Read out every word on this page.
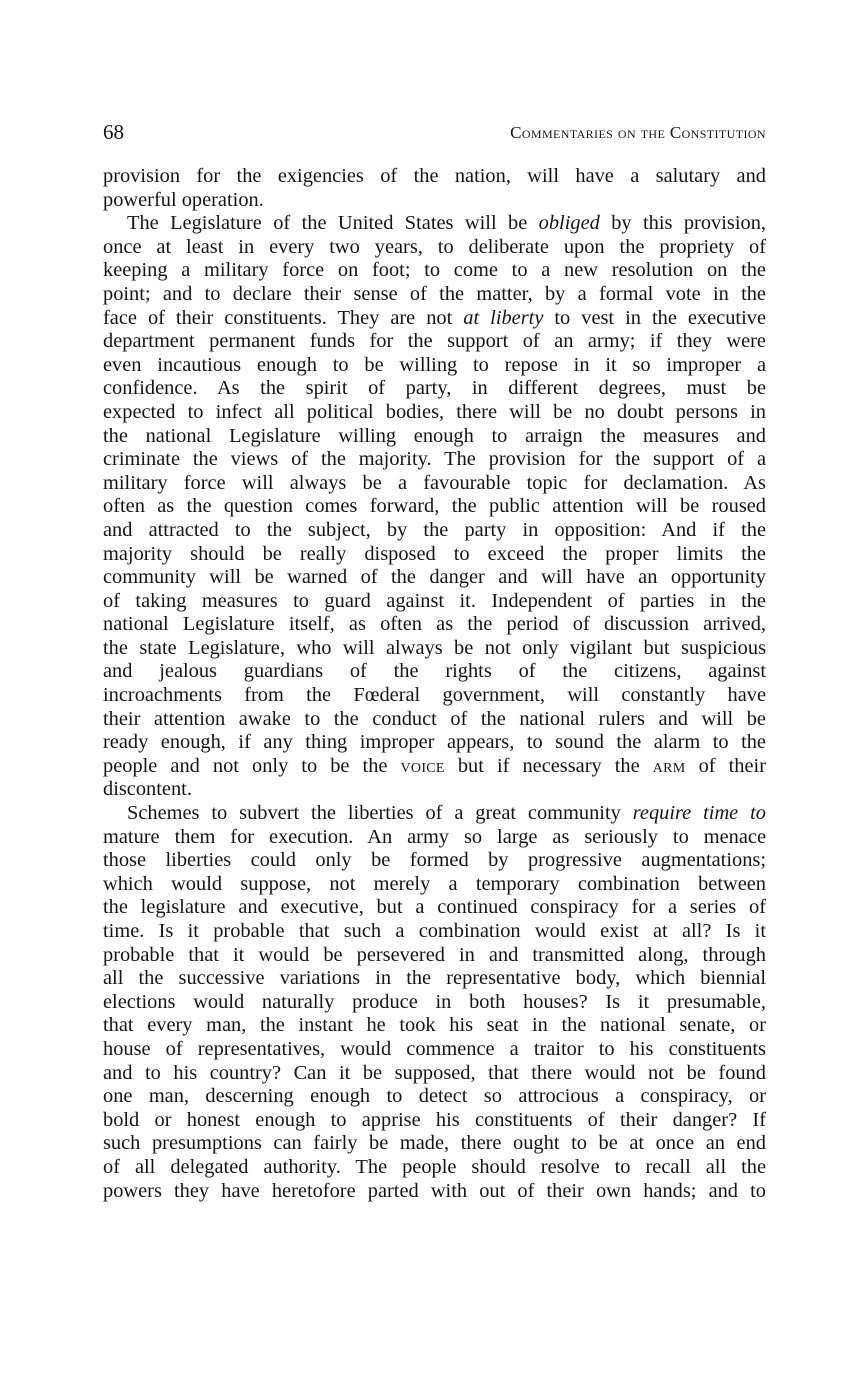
68	Commentaries on the Constitution
provision for the exigencies of the nation, will have a salutary and
powerful operation.
The Legislature of the United States will be obliged by this provision,
once at least in every two years, to deliberate upon the propriety of
keeping a military force on foot; to come to a new resolution on the
point; and to declare their sense of the matter, by a formal vote in the
face of their constituents. They are not at liberty to vest in the executive
department permanent funds for the support of an army; if they were
even incautious enough to be willing to repose in it so improper a
confidence. As the spirit of party, in different degrees, must be
expected to infect all political bodies, there will be no doubt persons in
the national Legislature willing enough to arraign the measures and
criminate the views of the majority. The provision for the support of a
military force will always be a favourable topic for declamation. As
often as the question comes forward, the public attention will be roused
and attracted to the subject, by the party in opposition: And if the
majority should be really disposed to exceed the proper limits the
community will be warned of the danger and will have an opportunity
of taking measures to guard against it. Independent of parties in the
national Legislature itself, as often as the period of discussion arrived,
the state Legislature, who will always be not only vigilant but suspicious
and jealous guardians of the rights of the citizens, against
incroachments from the Fœderal government, will constantly have
their attention awake to the conduct of the national rulers and will be
ready enough, if any thing improper appears, to sound the alarm to the
people and not only to be the voice but if necessary the arm of their
discontent.
Schemes to subvert the liberties of a great community require time to
mature them for execution. An army so large as seriously to menace
those liberties could only be formed by progressive augmentations;
which would suppose, not merely a temporary combination between
the legislature and executive, but a continued conspiracy for a series of
time. Is it probable that such a combination would exist at all? Is it
probable that it would be persevered in and transmitted along, through
all the successive variations in the representative body, which biennial
elections would naturally produce in both houses? Is it presumable,
that every man, the instant he took his seat in the national senate, or
house of representatives, would commence a traitor to his constituents
and to his country? Can it be supposed, that there would not be found
one man, descerning enough to detect so attrocious a conspiracy, or
bold or honest enough to apprise his constituents of their danger? If
such presumptions can fairly be made, there ought to be at once an end
of all delegated authority. The people should resolve to recall all the
powers they have heretofore parted with out of their own hands; and to
